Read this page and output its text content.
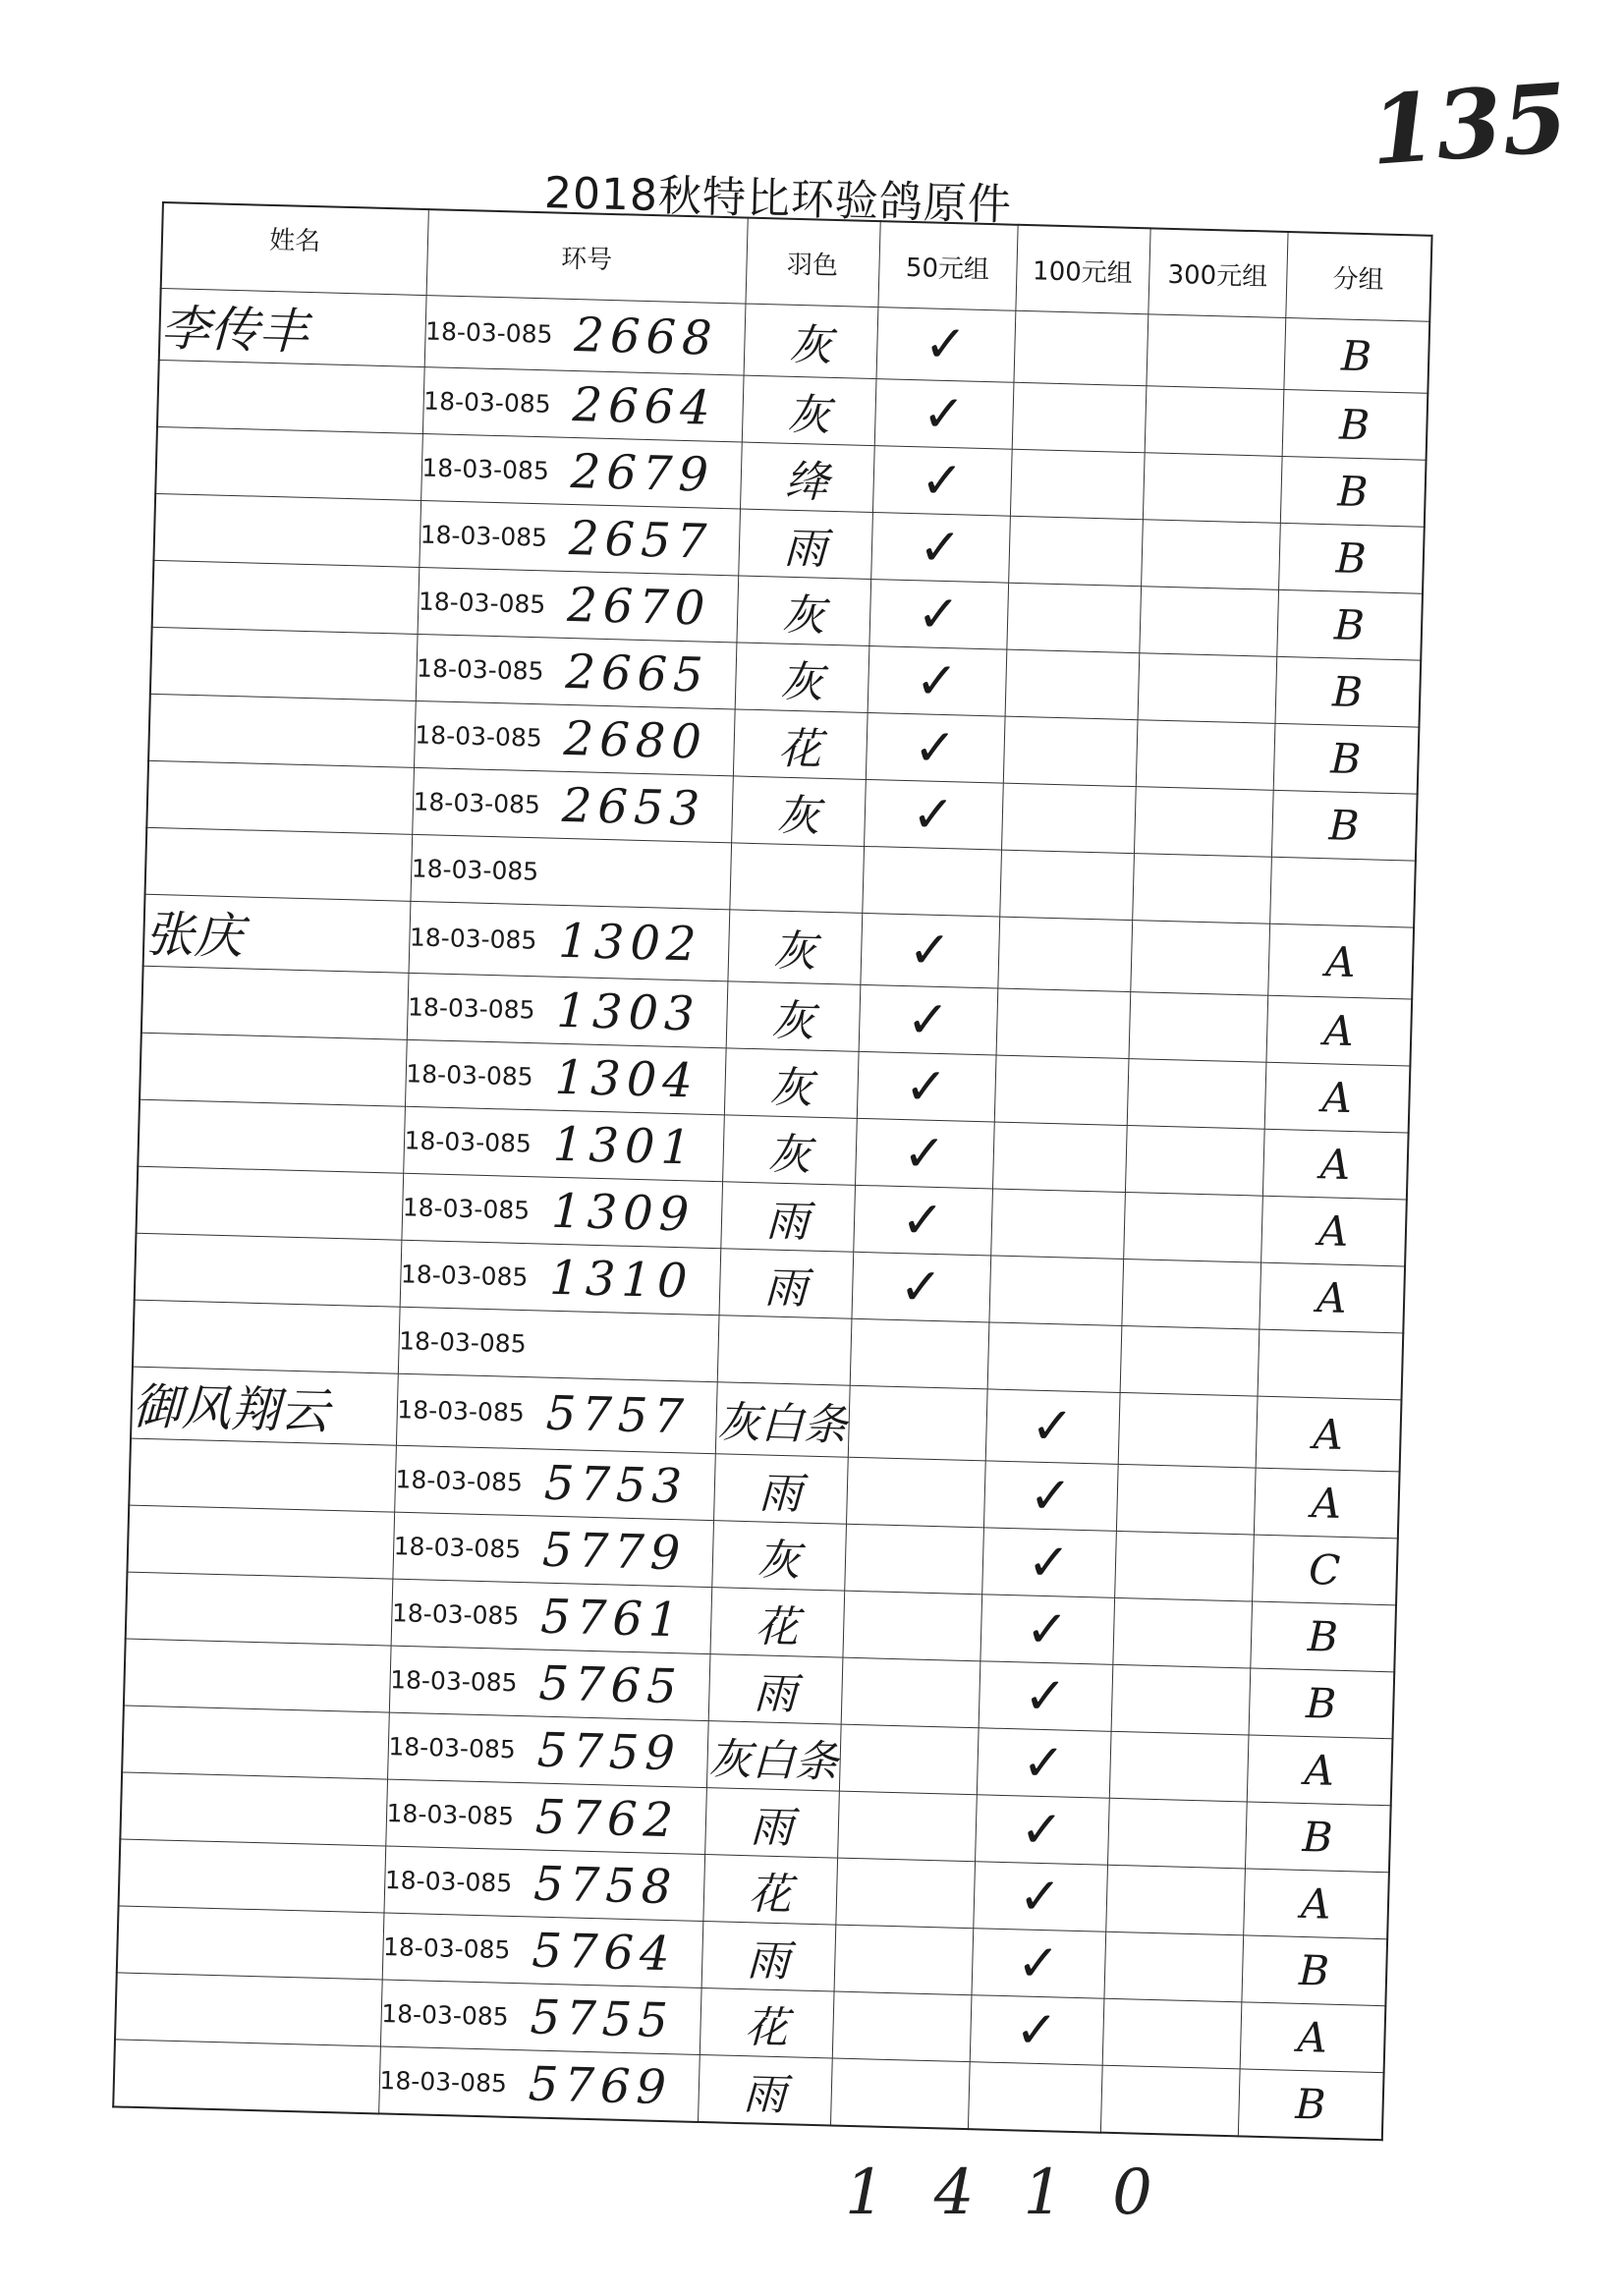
135
2018秋特比环验鸽原件
姓名	环号	羽色	50元组	100元组	300元组	分组
李传丰	18-03-085 2668	灰	✓			B
	18-03-085 2664	灰	✓			B
	18-03-085 2679	绛	✓			B
	18-03-085 2657	雨	✓			B
	18-03-085 2670	灰	✓			B
	18-03-085 2665	灰	✓			B
	18-03-085 2680	花	✓			B
	18-03-085 2653	灰	✓			B
	18-03-085					
张庆	18-03-085 1302	灰	✓			A
	18-03-085 1303	灰	✓			A
	18-03-085 1304	灰	✓			A
	18-03-085 1301	灰	✓			A
	18-03-085 1309	雨	✓			A
	18-03-085 1310	雨	✓			A
	18-03-085					
御风翔云	18-03-085 5757	灰白条		✓		A
	18-03-085 5753	雨		✓		A
	18-03-085 5779	灰		✓		C
	18-03-085 5761	花		✓		B
	18-03-085 5765	雨		✓		B
	18-03-085 5759	灰白条		✓		A
	18-03-085 5762	雨		✓		B
	18-03-085 5758	花		✓		A
	18-03-085 5764	雨		✓		B
	18-03-085 5755	花		✓		A
	18-03-085 5769	雨				B
1410
